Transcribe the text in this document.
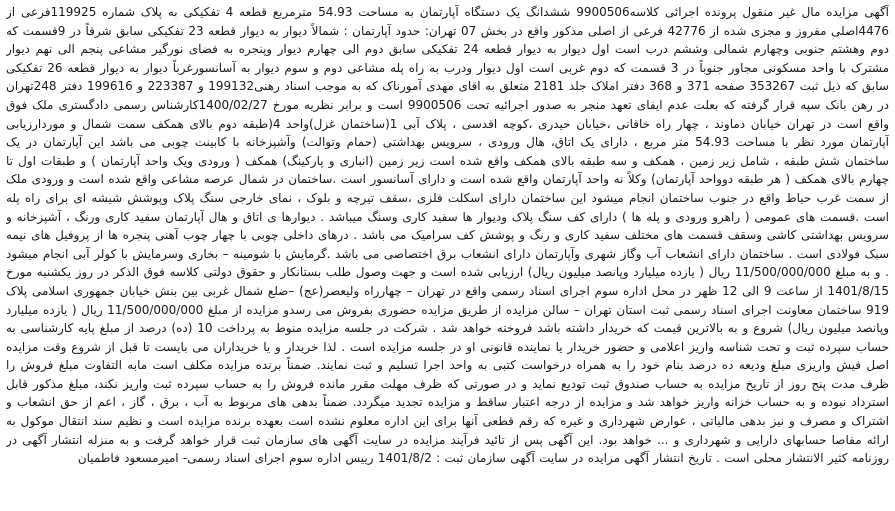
آگهی مزایده مال غیر منقول پرونده اجرائی کلاسه9900506 ششدانگ یک دستگاه آپارتمان به مساحت 54.93 مترمربع قطعه 4 تفکیکی به پلاک شماره 119925فرعی از 4476اصلی مفروز و مجزی شده از 42776 فرعی از اصلی مذکور واقع در بخش 07 تهران: حدود آپارتمان : شمالاً دیوار به دیوار قطعه 23 تفکیکی سابق شرقاً در 9قسمت که دوم وهشتم جنوبی وچهارم شمالی وششم درب است اول دیوار به دیوار قطعه 24 تفکیکی سابق دوم الی چهارم دیوار وپنجره به فضای نورگیر مشاعی پنجم الی نهم دیوار مشترک با واحد مسکونی مجاور جنوباً در 3 قسمت که دوم غربی است اول دیوار ودرب به راه پله مشاعی دوم و سوم دیوار به آسانسورغرباً دیوار به دیوار قطعه 26 تفکیکی سابق که ذیل ثبت 353267 صفحه 371 و 368 دفتر املاک جلد 2181 متعلق به اقای مهدی آمورناک که به موجب اسناد رهنی199132 و 223387 و 199616 دفتر 248تهران در رهن بانک سپه قرار گرفته که بعلت عدم ایفای تعهد منجر به صدور اجرائیه تحت 9900506 است و برابر نظریه مورخ 1400/02/27کارشناس رسمی دادگستری ملک فوق واقع است در تهران خیابان دماوند ، چهار راه خاقانی ،خیابان حیدری ،کوچه اقدسی ، پلاک آبی 1(ساختمان غزل)واحد 4(طبقه دوم بالای همکف سمت شمال و موردارزیابی آپارتمان مورد نظر با مساحت 54.93 متر مربع ، دارای یک اتاق، هال ورودی ، سرویس بهداشتی (حمام وتوالت) وآشپزخانه با کابینت چوبی می باشد این آپارتمان در یک ساختمان شش طبقه ، شامل زیر زمین ، همکف و سه طبقه بالای همکف واقع شده است زیر زمین (انباری و پارکینگ) همکف ( ورودی ویک واحد آپارتمان ) و طبقات اول تا چهارم بالای همکف ( هر طبقه دوواحد آپارتمان) وکلاً نه واحد آپارتمان واقع شده است و دارای آسانسور است .ساختمان در شمال عرصه مشاعی واقع شده است و ورودی ملک از سمت غرب حیاط واقع در جنوب ساختمان انجام میشود این ساختمان دارای اسکلت فلزی ،سقف تیرچه و بلوک ، نمای خارجی سنگ پلاک وپوشش شیشه ای برای راه پله است .قسمت های عمومی ( راهرو ورودی و پله ها ) دارای کف سنگ پلاک ودیوار ها سفید کاری وسنگ میباشد . دیوارها ی اتاق و هال آپارتمان سفید کاری ورنگ ، آشپزخانه و سرویس بهداشتی کاشی وسقف قسمت های مختلف سفید کاری و رنگ و پوشش کف سرامیک می باشد . درهای داخلی چوبی با چهار چوب آهنی پنجره ها از پروفیل های نیمه سبک فولادی است . ساختمان دارای انشعاب آب وگاز شهری وآپارتمان دارای انشعاب برق اختصاصی می باشد .گرمایش با شومینه – بخاری وسرمایش با کولر آبی انجام میشود . و به مبلغ 11/500/000/000 ریال ( یازده میلیارد وپانصد میلیون ریال) ارزیابی شده است و جهت وصول طلب بستانکار و حقوق دولتی کلاسه فوق الذکر در روز یکشنبه مورخ 1401/8/15 از ساعت 9 الی 12 ظهر در محل اداره سوم اجرای اسناد رسمی واقع در تهران – چهارراه ولیعصر(عج) –ضلع شمال غربی بین بنش خیابان جمهوری اسلامی پلاک 919 ساختمان معاونت اجرای اسناد رسمی ثبت استان تهران – سالن مزایده از طریق مزایده حضوری بفروش می رسدو مزایده از مبلغ 11/500/000/000 ریال ( یازده میلیارد وپانصد میلیون ریال) شروع و به بالاترین قیمت که خریدار داشته باشد فروخته خواهد شد . شرکت در جلسه مزایده منوط به پرداخت 10 (ده) درصد از مبلغ پایه کارشناسی به حساب سپرده ثبت و تحت شناسه واریز اعلامی و حضور خریدار یا نماینده قانونی او در جلسه مزایده است . لذا خریدار و یا خریداران می بایست تا قبل از شروع وقت مزایده اصل فیش واریزی مبلغ ودیعه ده درصد بنام خود را به همراه درخواست کتبی به واحد اجرا تسلیم و ثبت نمایند. ضمناً برنده مزایده مکلف است مابه التفاوت مبلغ فروش را ظرف مدت پنج روز از تاریخ مزایده به حساب صندوق ثبت تودیع نماید و در صورتی که ظرف مهلت مقرر مانده فروش را به حساب سپرده ثبت واریز نکند، مبلغ مذکور قابل استرداد نبوده و به حساب خزانه واریز خواهد شد و مزایده از درجه اعتبار ساقط و مزایده تجدید میگردد. ضمناً بدهی های مربوط به آب ، برق ، گاز ، اعم از حق انشعاب و اشتراک و مصرف و نیز بدهی مالیاتی ، عوارض شهرداری و غیره که رقم قطعی آنها برای این اداره معلوم نشده است بعهده برنده مزایده است و نظیم سند انتقال موکول به ارائه مفاصا حسابهای دارایی و شهرداری و ... خواهد بود. این آگهی پس از تائید فرآیند مزایده در سایت آگهی های سازمان ثبت قرار خواهد گرفت و به منزله انتشار آگهی در روزنامه کثیر الانتشار محلی است . تاریخ انتشار آگهی مزایده در سایت آگهی سازمان ثبت : 1401/8/2 رییس اداره سوم اجرای اسناد رسمی- امیرمسعود فاطمیان
